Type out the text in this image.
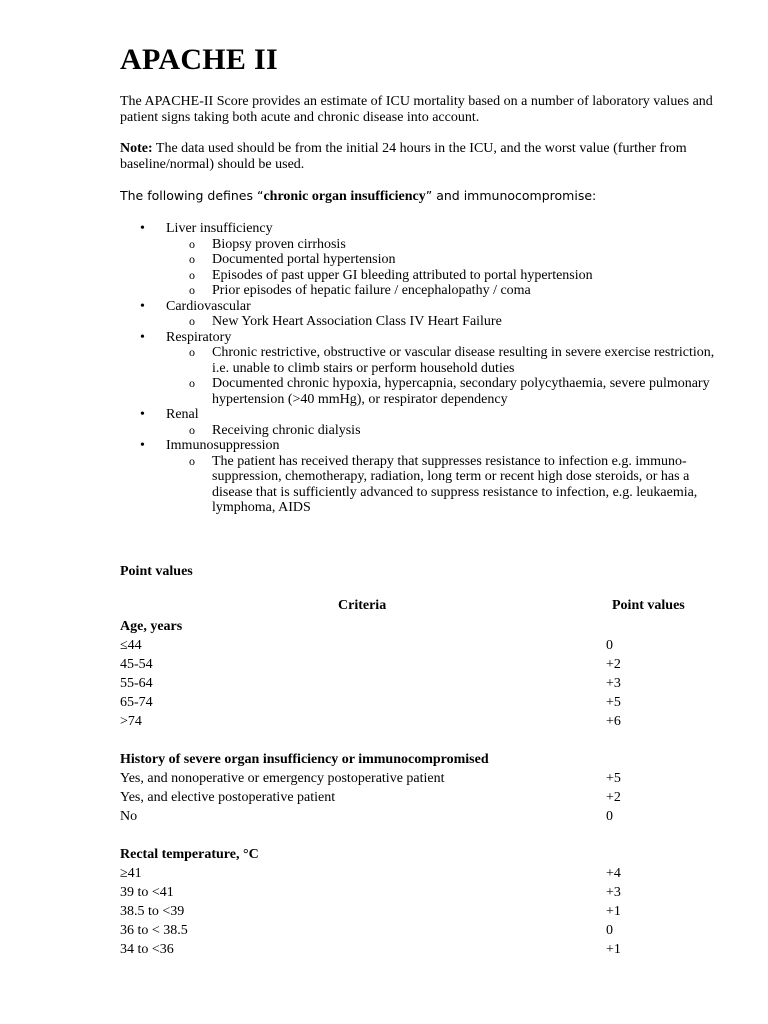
APACHE II

The APACHE-II Score provides an estimate of ICU mortality based on a number of laboratory values and patient signs taking both acute and chronic disease into account.

Note: The data used should be from the initial 24 hours in the ICU, and the worst value (further from baseline/normal) should be used.

The following defines “chronic organ insufficiency” and immunocompromise:

• Liver insufficiency
o Biopsy proven cirrhosis
o Documented portal hypertension
o Episodes of past upper GI bleeding attributed to portal hypertension
o Prior episodes of hepatic failure / encephalopathy / coma
• Cardiovascular
o New York Heart Association Class IV Heart Failure
• Respiratory
o Chronic restrictive, obstructive or vascular disease resulting in severe exercise restriction, i.e. unable to climb stairs or perform household duties
o Documented chronic hypoxia, hypercapnia, secondary polycythaemia, severe pulmonary hypertension (>40 mmHg), or respirator dependency
• Renal
o Receiving chronic dialysis
• Immunosuppression
o The patient has received therapy that suppresses resistance to infection e.g. immuno-suppression, chemotherapy, radiation, long term or recent high dose steroids, or has a disease that is sufficiently advanced to suppress resistance to infection, e.g. leukaemia, lymphoma, AIDS
Point values
Criteria	Point values
Age, years
≤44	0
45-54	+2
55-64	+3
65-74	+5
>74	+6
History of severe organ insufficiency or immunocompromised
Yes, and nonoperative or emergency postoperative patient	+5
Yes, and elective postoperative patient	+2
No	0
Rectal temperature, °C
≥41	+4
39 to <41	+3
38.5 to <39	+1
36 to < 38.5	0
34 to <36	+1
